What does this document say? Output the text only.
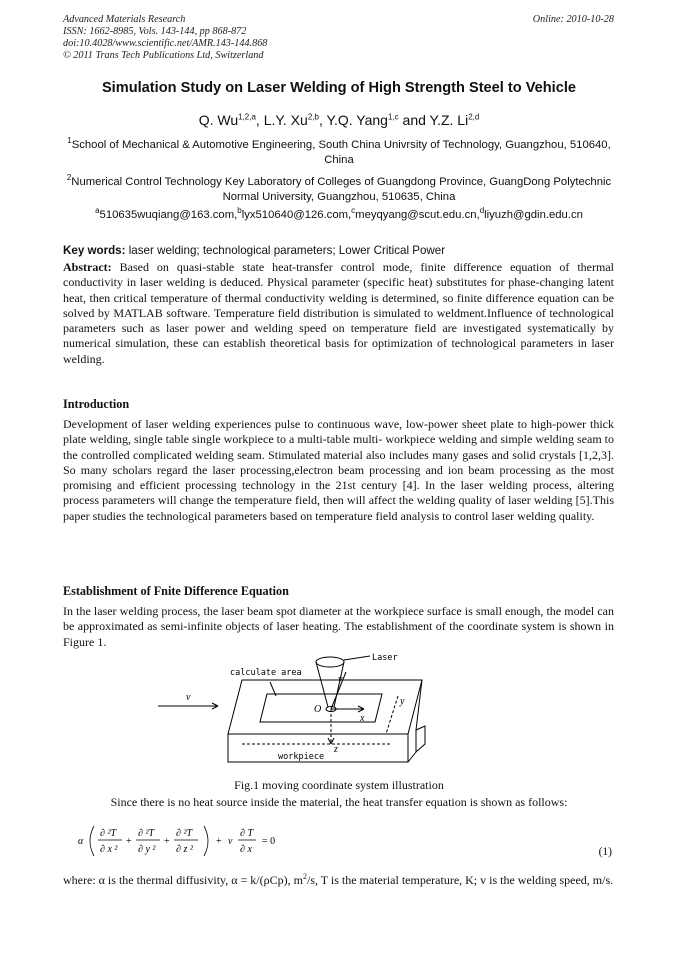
Advanced Materials Research
ISSN: 1662-8985, Vols. 143-144, pp 868-872
doi:10.4028/www.scientific.net/AMR.143-144.868
© 2011 Trans Tech Publications Ltd, Switzerland
Online: 2010-10-28
Simulation Study on Laser Welding of High Strength Steel to Vehicle
Q. Wu$^{1,2,a}$, L.Y. Xu$^{2,b}$, Y.Q. Yang$^{1,c}$ and Y.Z. Li$^{2,d}$
$^1$School of Mechanical & Automotive Engineering, South China Univrsity of Technology, Guangzhou, 510640, China
$^2$Numerical Control Technology Key Laboratory of Colleges of Guangdong Province, GuangDong Polytechnic Normal University, Guangzhou, 510635, China
$^a$510635wuqiang@163.com,$^b$lyx510640@126.com,$^c$meyqyang@scut.edu.cn,$^d$liyuzh@gdin.edu.cn
Key words: laser welding; technological parameters; Lower Critical Power
Abstract: Based on quasi-stable state heat-transfer control mode, finite difference equation of thermal conductivity in laser welding is deduced. Physical parameter (specific heat) substitutes for phase-changing latent heat, then critical temperature of thermal conductivity welding is determined, so finite difference equation can be solved by MATLAB software. Temperature field distribution is simulated to weldment.Influence of technological parameters such as laser power and welding speed on temperature field are investigated systematically by numerical simulation, these can establish theoretical basis for optimization of technological parameters in laser welding.
Introduction
Development of laser welding experiences pulse to continuous wave, low-power sheet plate to high-power thick plate welding, single table single workpiece to a multi-table multi- workpiece welding and simple welding seam to the controlled complicated welding seam. Stimulated material also includes many gases and solid crystals [1,2,3]. So many scholars regard the laser processing,electron beam processing and ion beam processing as the most promising and efficient processing technology in the 21st century [4]. In the laser welding process, altering process parameters will change the temperature field, then will affect the welding quality of laser welding [5].This paper studies the technological parameters based on temperature field analysis to control laser welding quality.
Establishment of Fnite Difference Equation
In the laser welding process, the laser beam spot diameter at the workpiece surface is small enough, the model can be approximated as semi-infinite objects of laser heating. The establishment of the coordinate system is shown in Figure 1.
Laser
calculate area
workpiece
v
v
O
x
y
z
Fig.1 moving coordinate system illustration
Since there is no heat source inside the material, the heat transfer equation is shown as follows:
α
∂ ²T
∂ x ²
+
∂ ²T
∂ y ²
+
∂ ²T
∂ z ²
+ v
∂ T
∂ x
= 0
(1)
where: α is the thermal diffusivity, α = k/(ρCp), $m^2/s$, T is the material temperature, K; v is the welding speed, m/s.
